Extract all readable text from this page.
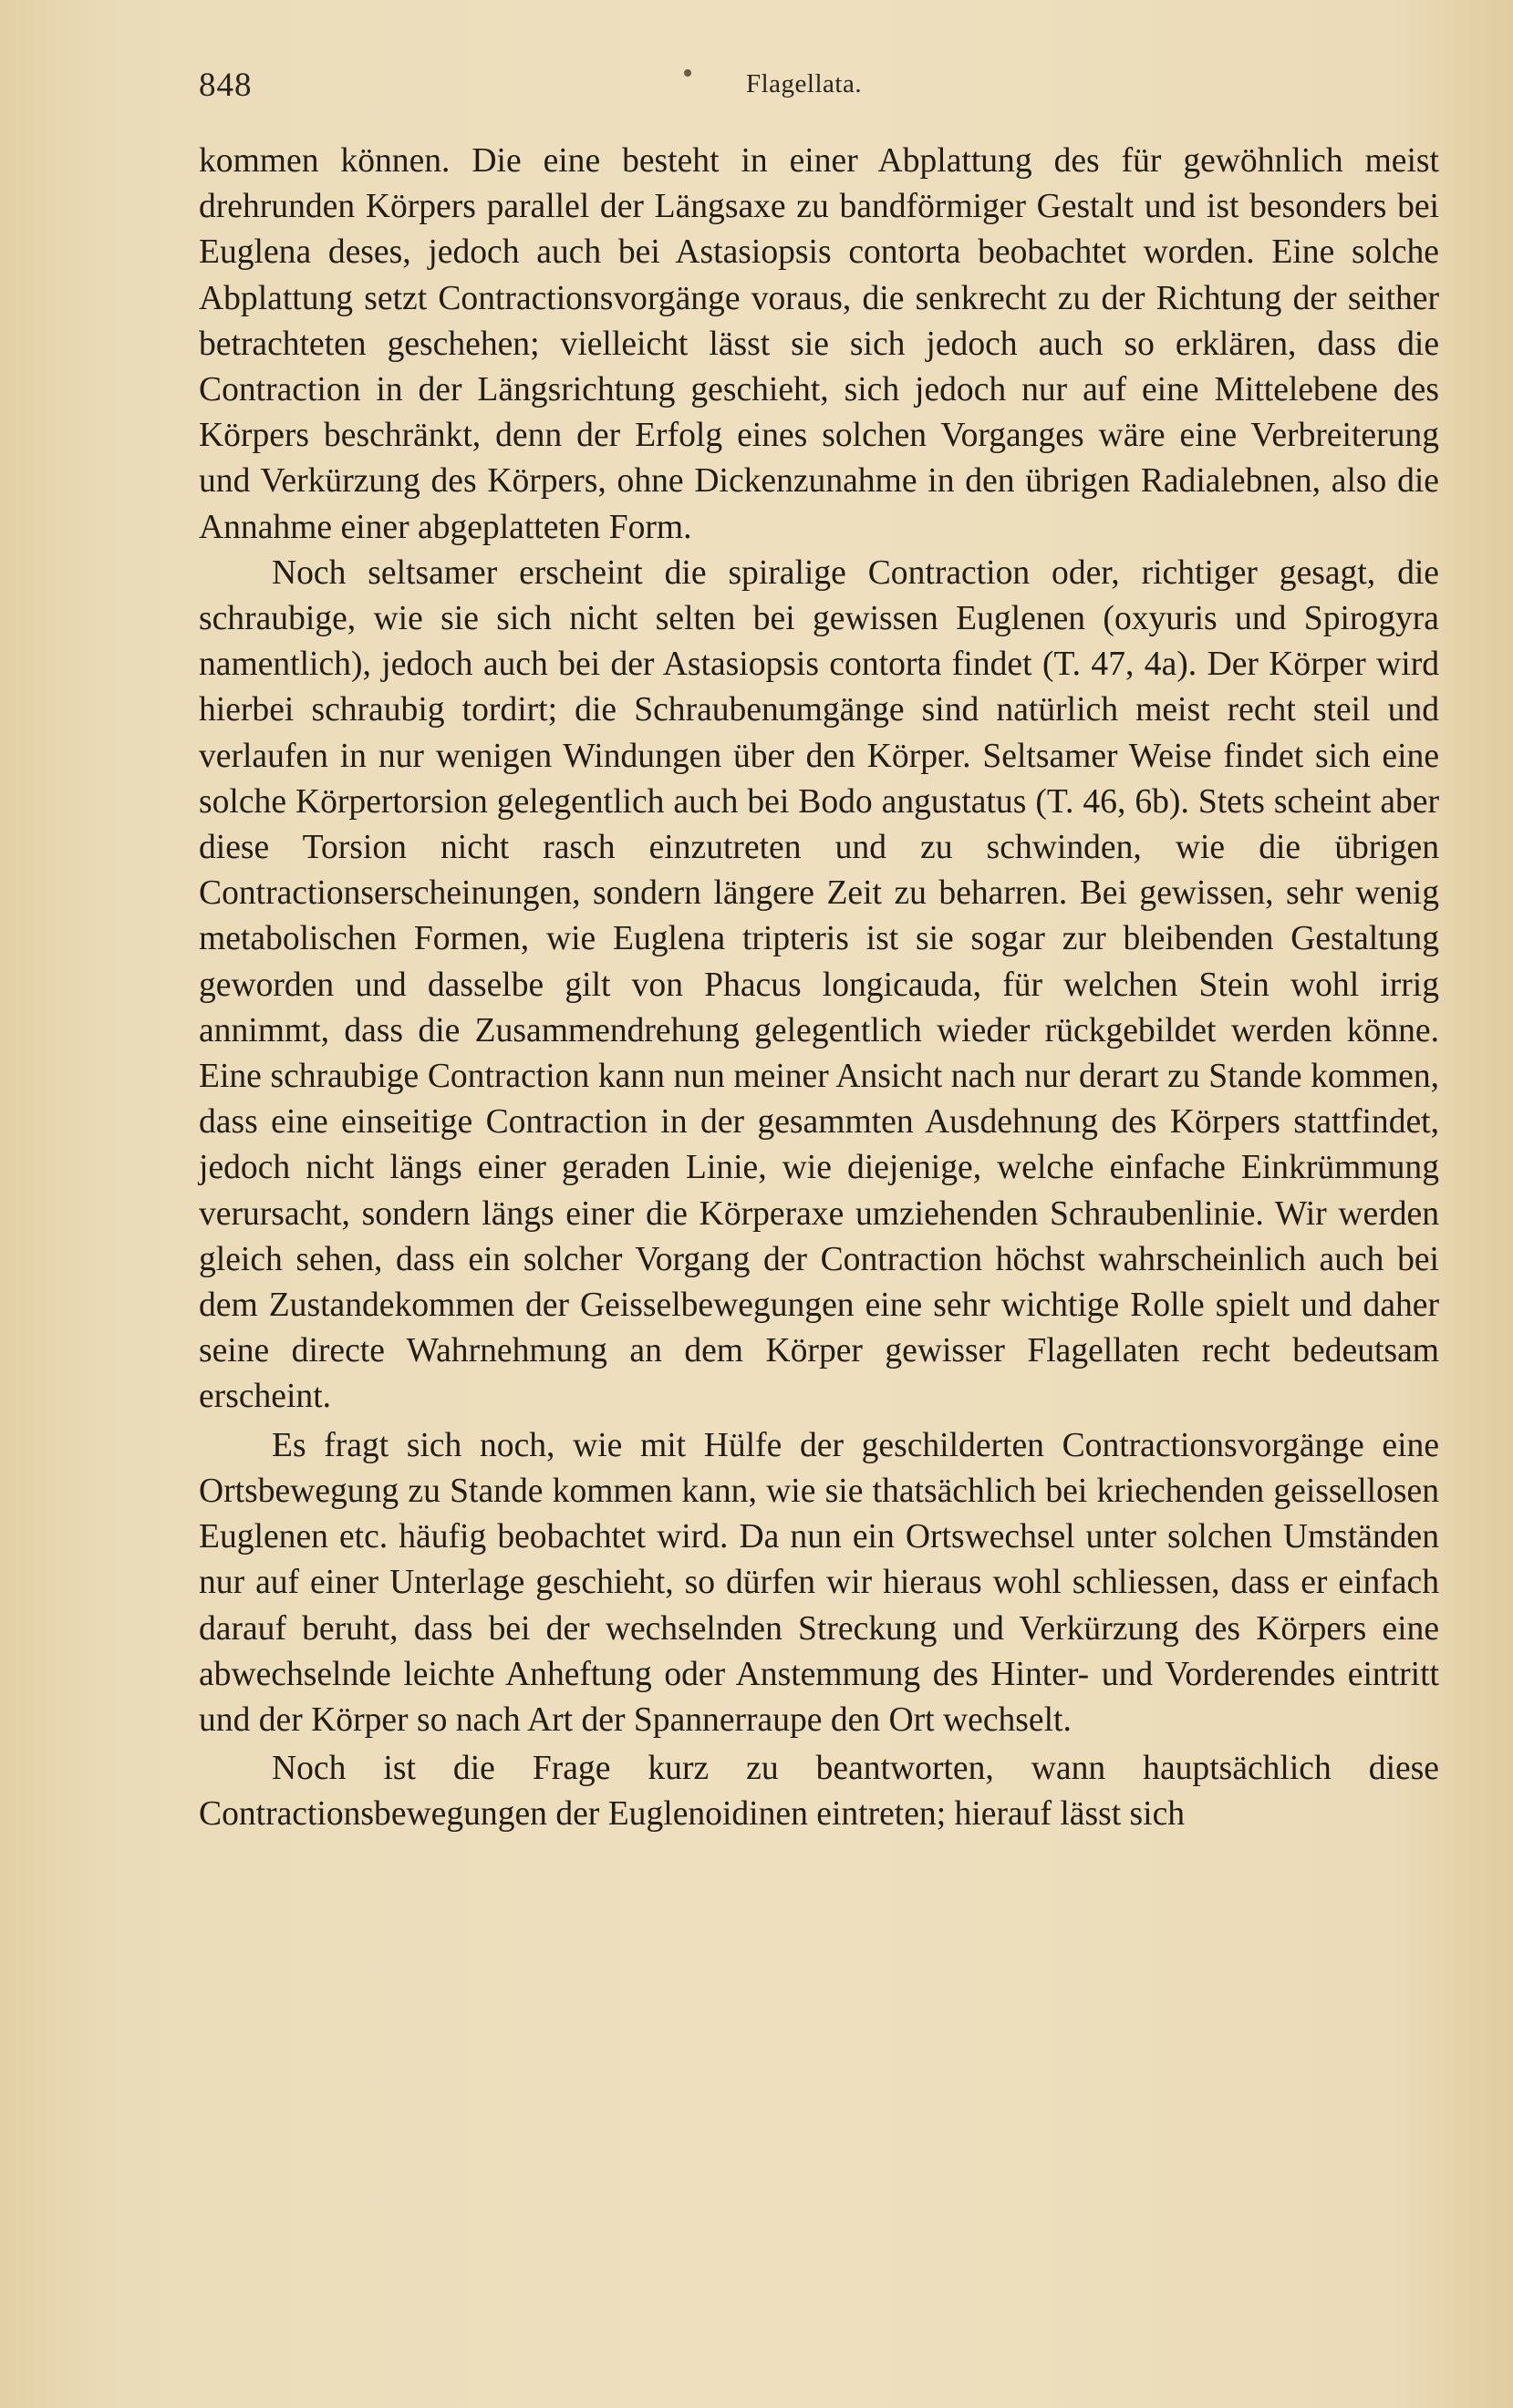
848	Flagellata.

kommen können. Die eine besteht in einer Abplattung des für gewöhnlich meist drehrunden Körpers parallel der Längsaxe zu bandförmiger Gestalt und ist besonders bei Euglena deses, jedoch auch bei Astasiopsis contorta beobachtet worden. Eine solche Abplattung setzt Contractionsvorgänge voraus, die senkrecht zu der Richtung der seither betrachteten geschehen; vielleicht lässt sie sich jedoch auch so erklären, dass die Contraction in der Längsrichtung geschieht, sich jedoch nur auf eine Mittelebene des Körpers beschränkt, denn der Erfolg eines solchen Vorganges wäre eine Verbreiterung und Verkürzung des Körpers, ohne Dickenzunahme in den übrigen Radialebnen, also die Annahme einer abgeplatteten Form.

Noch seltsamer erscheint die spiralige Contraction oder, richtiger gesagt, die schraubige, wie sie sich nicht selten bei gewissen Euglenen (oxyuris und Spirogyra namentlich), jedoch auch bei der Astasiopsis contorta findet (T. 47, 4a). Der Körper wird hierbei schraubig tordirt; die Schraubenumgänge sind natürlich meist recht steil und verlaufen in nur wenigen Windungen über den Körper. Seltsamer Weise findet sich eine solche Körpertorsion gelegentlich auch bei Bodo angustatus (T. 46, 6b). Stets scheint aber diese Torsion nicht rasch einzutreten und zu schwinden, wie die übrigen Contractionserscheinungen, sondern längere Zeit zu beharren. Bei gewissen, sehr wenig metabolischen Formen, wie Euglena tripteris ist sie sogar zur bleibenden Gestaltung geworden und dasselbe gilt von Phacus longicauda, für welchen Stein wohl irrig annimmt, dass die Zusammendrehung gelegentlich wieder rückgebildet werden könne. Eine schraubige Contraction kann nun meiner Ansicht nach nur derart zu Stande kommen, dass eine einseitige Contraction in der gesammten Ausdehnung des Körpers stattfindet, jedoch nicht längs einer geraden Linie, wie diejenige, welche einfache Einkrümmung verursacht, sondern längs einer die Körperaxe umziehenden Schraubenlinie. Wir werden gleich sehen, dass ein solcher Vorgang der Contraction höchst wahrscheinlich auch bei dem Zustandekommen der Geisselbewegungen eine sehr wichtige Rolle spielt und daher seine directe Wahrnehmung an dem Körper gewisser Flagellaten recht bedeutsam erscheint.

Es fragt sich noch, wie mit Hülfe der geschilderten Contractionsvorgänge eine Ortsbewegung zu Stande kommen kann, wie sie thatsächlich bei kriechenden geissellosen Euglenen etc. häufig beobachtet wird. Da nun ein Ortswechsel unter solchen Umständen nur auf einer Unterlage geschieht, so dürfen wir hieraus wohl schliessen, dass er einfach darauf beruht, dass bei der wechselnden Streckung und Verkürzung des Körpers eine abwechselnde leichte Anheftung oder Anstemmung des Hinter- und Vorderendes eintritt und der Körper so nach Art der Spannerraupe den Ort wechselt.

Noch ist die Frage kurz zu beantworten, wann hauptsächlich diese Contractionsbewegungen der Euglenoidinen eintreten; hierauf lässt sich
